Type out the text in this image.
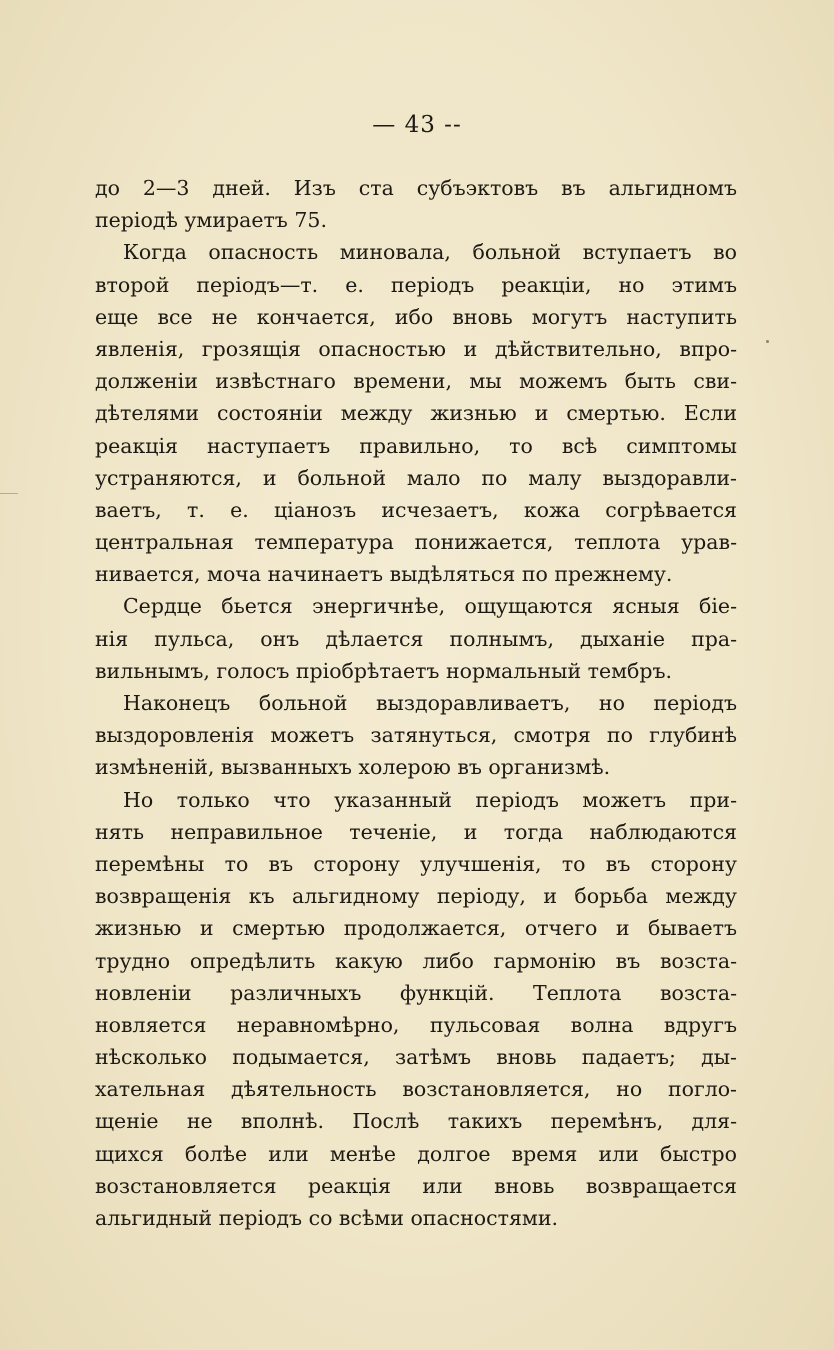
— 43 --
до 2—3 дней. Изъ ста субъэктовъ въ альгидномъ
періодѣ умираетъ 75.
Когда опасность миновала, больной вступаетъ во
второй періодъ—т. е. періодъ реакціи, но этимъ
еще все не кончается, ибо вновь могутъ наступить
явленія, грозящія опасностью и дѣйствительно, впро-
долженіи извѣстнаго времени, мы можемъ быть сви-
дѣтелями состояніи между жизнью и смертью. Если
реакція наступаетъ правильно, то всѣ симптомы
устраняются, и больной мало по малу выздоравли-
ваетъ, т. е. ціанозъ исчезаетъ, кожа согрѣвается
центральная температура понижается, теплота урав-
нивается, моча начинаетъ выдѣляться по прежнему.
Сердце бьется энергичнѣе, ощущаются ясныя біе-
нія пульса, онъ дѣлается полнымъ, дыханіе пра-
вильнымъ, голосъ пріобрѣтаетъ нормальный тембръ.
Наконецъ больной выздоравливаетъ, но періодъ
выздоровленія можетъ затянуться, смотря по глубинѣ
измѣненій, вызванныхъ холерою въ организмѣ.
Но только что указанный періодъ можетъ при-
нять неправильное теченіе, и тогда наблюдаются
перемѣны то въ сторону улучшенія, то въ сторону
возвращенія къ альгидному періоду, и борьба между
жизнью и смертью продолжается, отчего и бываетъ
трудно опредѣлить какую либо гармонію въ возста-
новленіи различныхъ функцій. Теплота возста-
новляется неравномѣрно, пульсовая волна вдругъ
нѣсколько подымается, затѣмъ вновь падаетъ; ды-
хательная дѣятельность возстановляется, но погло-
щеніе не вполнѣ. Послѣ такихъ перемѣнъ, для-
щихся болѣе или менѣе долгое время или быстро
возстановляется реакція или вновь возвращается
альгидный періодъ со всѣми опасностями.
